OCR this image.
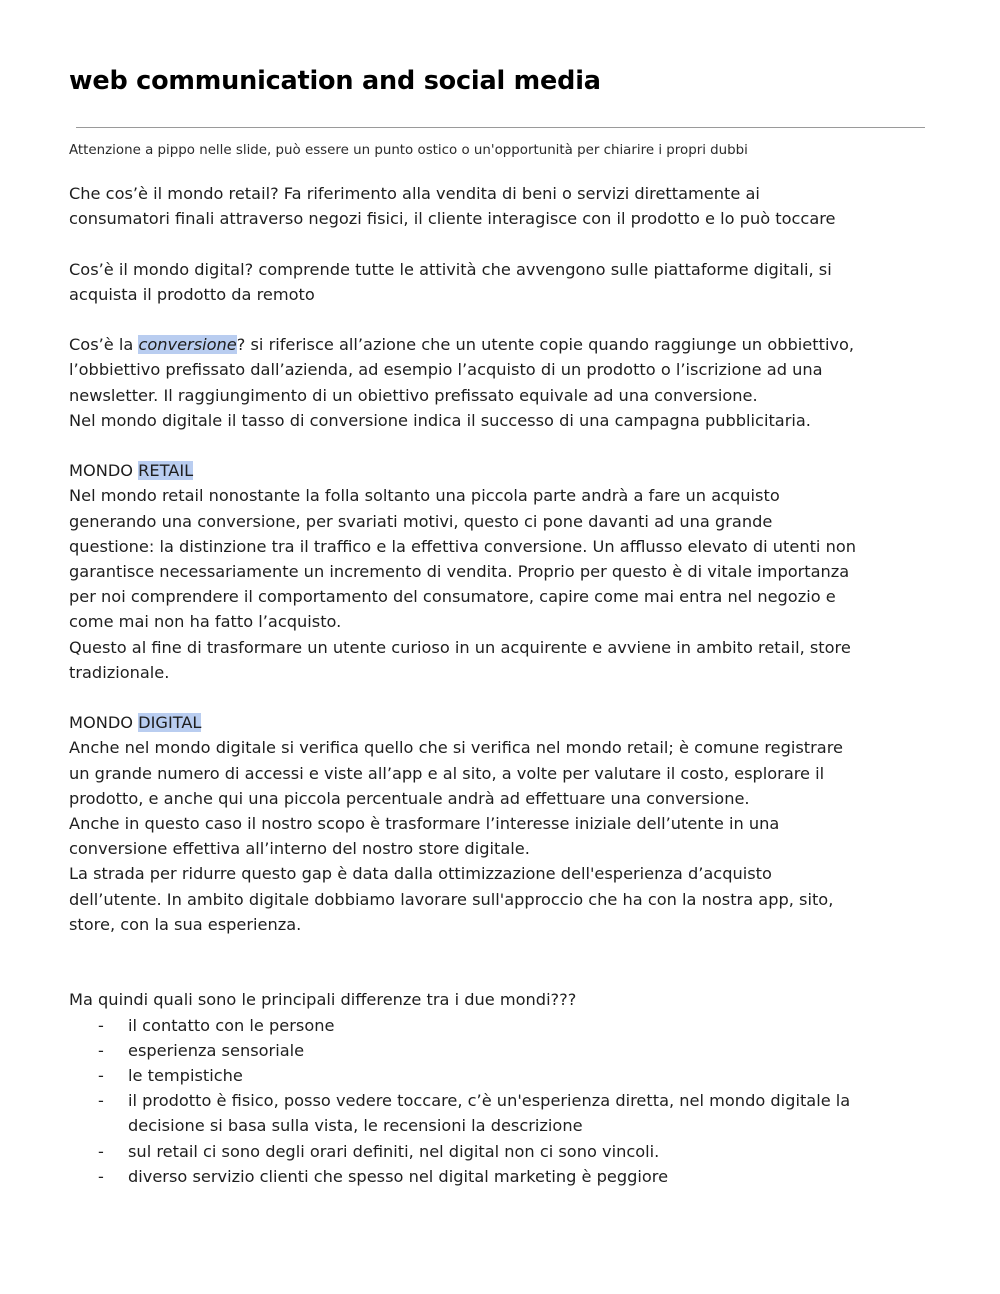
web communication and social media
Attenzione a pippo nelle slide, può essere un punto ostico o un'opportunità per chiarire i propri dubbi

Che cos’è il mondo retail? Fa riferimento alla vendita di beni o servizi direttamente ai

consumatori finali attraverso negozi fisici, il cliente interagisce con il prodotto e lo può toccare

Cos’è il mondo digital? comprende tutte le attività che avvengono sulle piattaforme digitali, si

acquista il prodotto da remoto

Cos’è la conversione? si riferisce all’azione che un utente copie quando raggiunge un obbiettivo,

l’obbiettivo prefissato dall’azienda, ad esempio l’acquisto di un prodotto o l’iscrizione ad una

newsletter. Il raggiungimento di un obiettivo prefissato equivale ad una conversione.

Nel mondo digitale il tasso di conversione indica il successo di una campagna pubblicitaria.

MONDO RETAIL

Nel mondo retail nonostante la folla soltanto una piccola parte andrà a fare un acquisto

generando una conversione, per svariati motivi, questo ci pone davanti ad una grande

questione: la distinzione tra il traffico e la effettiva conversione. Un afflusso elevato di utenti non

garantisce necessariamente un incremento di vendita. Proprio per questo è di vitale importanza

per noi comprendere il comportamento del consumatore, capire come mai entra nel negozio e

come mai non ha fatto l’acquisto.

Questo al fine di trasformare un utente curioso in un acquirente e avviene in ambito retail, store

tradizionale.

MONDO DIGITAL

Anche nel mondo digitale si verifica quello che si verifica nel mondo retail; è comune registrare

un grande numero di accessi e viste all’app e al sito, a volte per valutare il costo, esplorare il

prodotto, e anche qui una piccola percentuale andrà ad effettuare una conversione.

Anche in questo caso il nostro scopo è trasformare l’interesse iniziale dell’utente in una

conversione effettiva all’interno del nostro store digitale.

La strada per ridurre questo gap è data dalla ottimizzazione dell'esperienza d’acquisto

dell’utente. In ambito digitale dobbiamo lavorare sull'approccio che ha con la nostra app, sito,

store, con la sua esperienza.

Ma quindi quali sono le principali differenze tra i due mondi???

- il contatto con le persone
- esperienza sensoriale
- le tempistiche
- il prodotto è fisico, posso vedere toccare, c’è un'esperienza diretta, nel mondo digitale la
decisione si basa sulla vista, le recensioni la descrizione
- sul retail ci sono degli orari definiti, nel digital non ci sono vincoli.
- diverso servizio clienti che spesso nel digital marketing è peggiore
